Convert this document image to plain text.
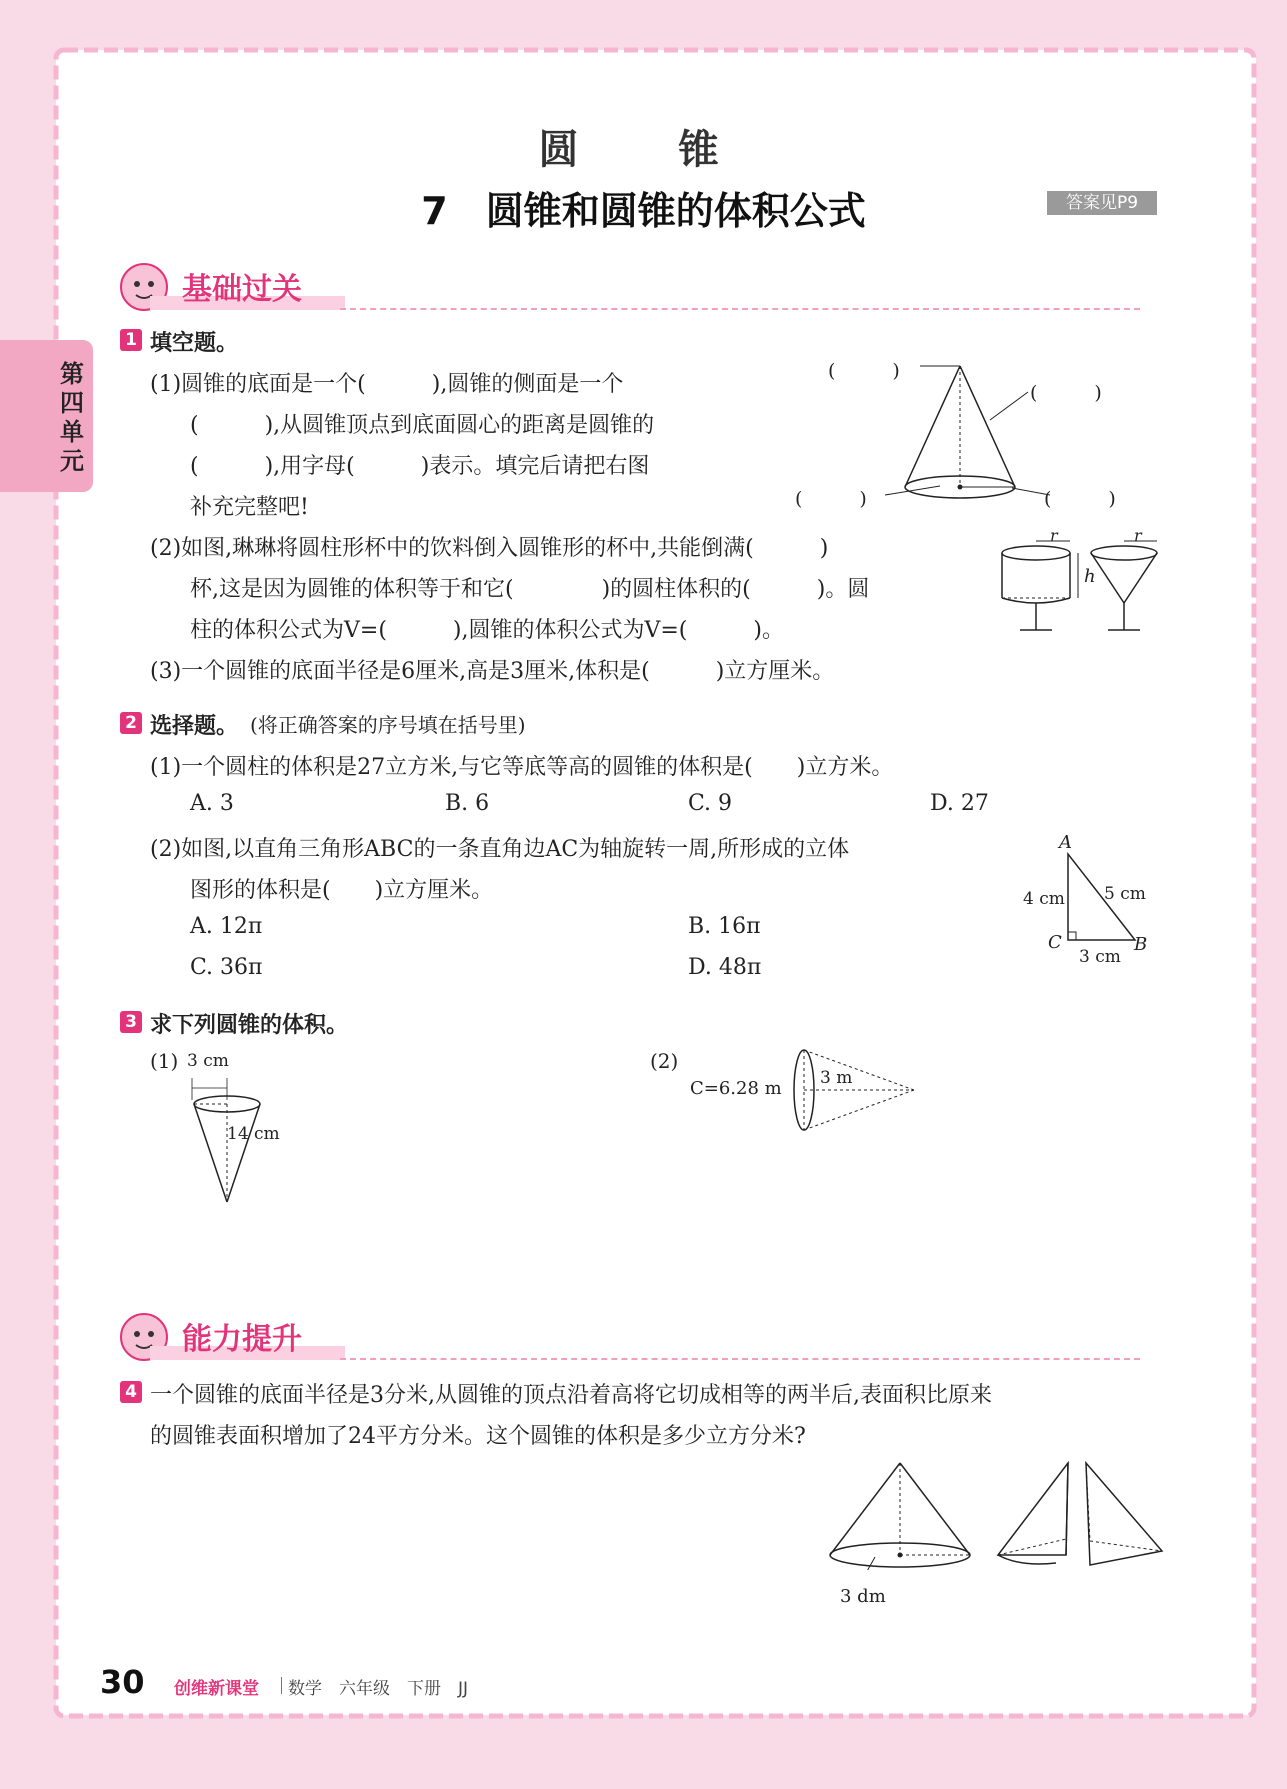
第四单元
圆　锥
7　圆锥和圆锥的体积公式	答案见P9
基础过关
1 填空题。
(1)圆锥的底面是一个(　　　),圆锥的侧面是一个
(　　　),从圆锥顶点到底面圆心的距离是圆锥的
(　　　),用字母(　　　)表示。填完后请把右图
补充完整吧!
(　　　)
(　　　)
(　　　)	(　　　)
(2)如图,琳琳将圆柱形杯中的饮料倒入圆锥形的杯中,共能倒满(　　　)
杯,这是因为圆锥的体积等于和它(　　　　)的圆柱体积的(　　　)。圆
柱的体积公式为V=(　　　),圆锥的体积公式为V=(　　　)。
r	r
h
(3)一个圆锥的底面半径是6厘米,高是3厘米,体积是(　　　)立方厘米。
2 选择题。 (将正确答案的序号填在括号里)
(1)一个圆柱的体积是27立方米,与它等底等高的圆锥的体积是(　　)立方米。
A. 3	B. 6	C. 9	D. 27
(2)如图,以直角三角形ABC的一条直角边AC为轴旋转一周,所形成的立体
图形的体积是(　　)立方厘米。
A. 12π	B. 16π
C. 36π	D. 48π
A
C	B
4 cm 5 cm
3 cm
3 求下列圆锥的体积。
(1) 3 cm
14 cm
(2)
C=6.28 m 3 m
能力提升
4 一个圆锥的底面半径是3分米,从圆锥的顶点沿着高将它切成相等的两半后,表面积比原来
的圆锥表面积增加了24平方分米。这个圆锥的体积是多少立方分米?
3 dm
30 创维新课堂 数学　六年级　下册　JJ
